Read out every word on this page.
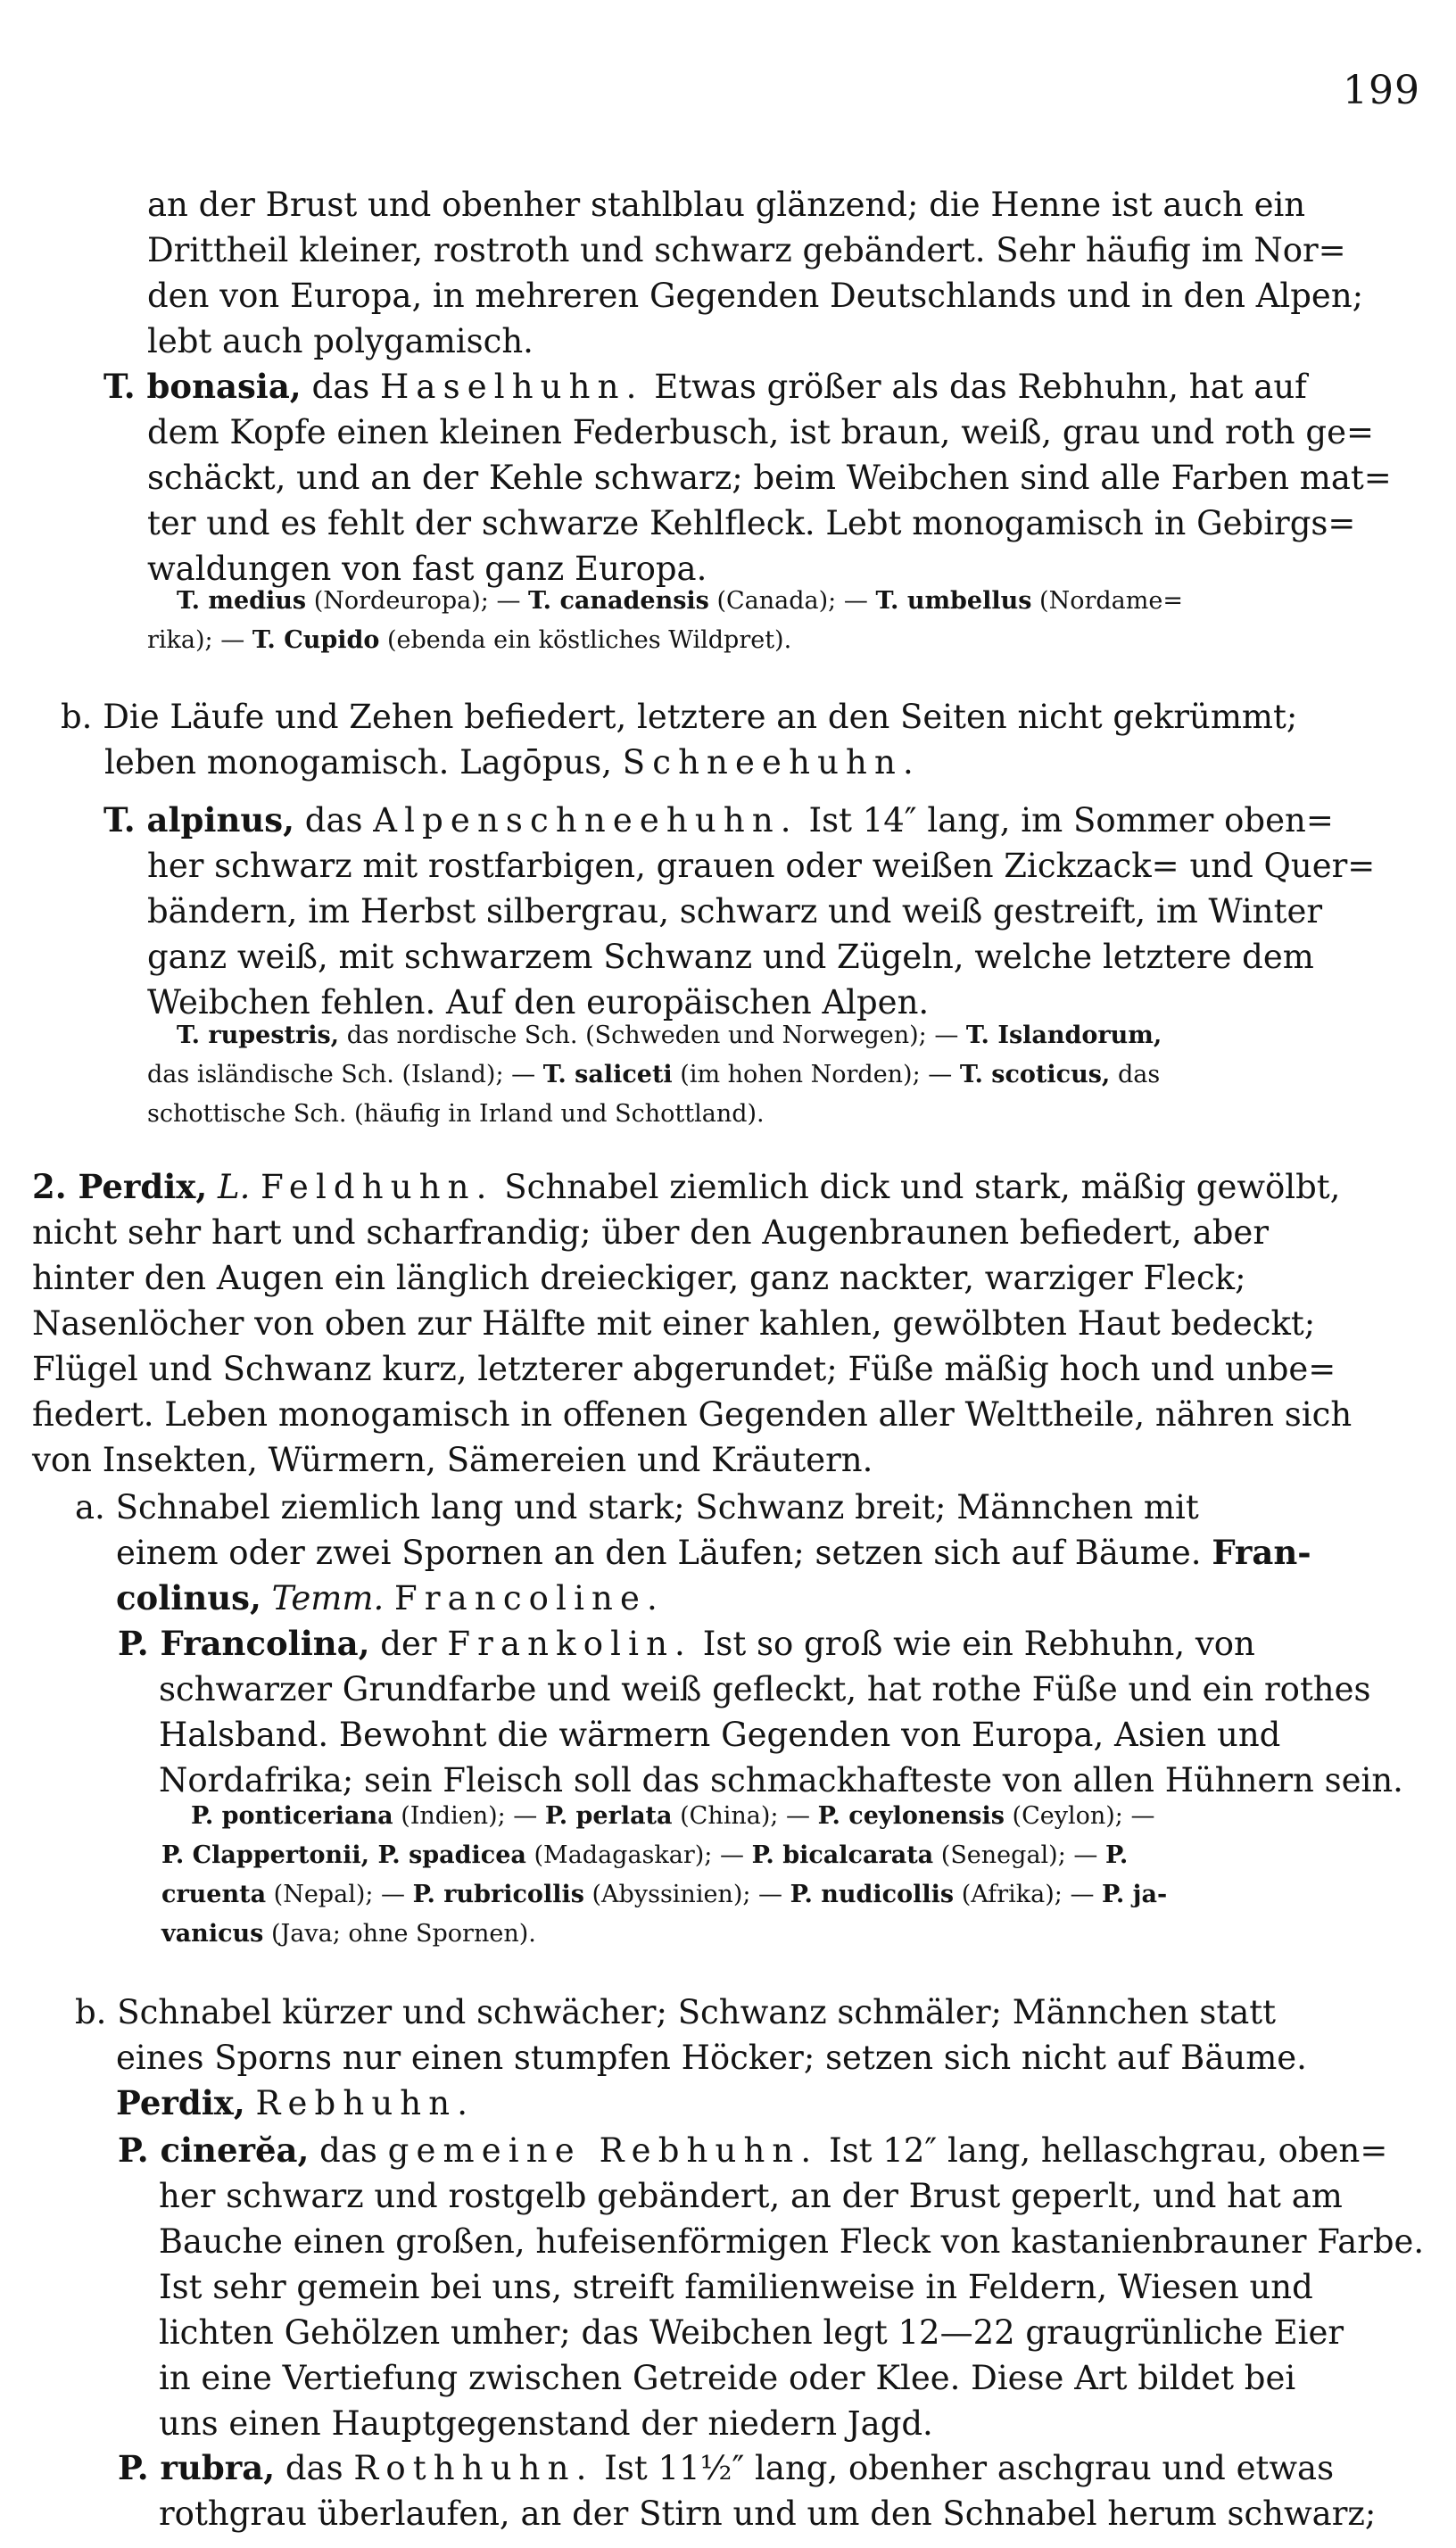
199
an der Brust und obenher stahlblau glänzend; die Henne ist auch ein
Drittheil kleiner, rostroth und schwarz gebändert. Sehr häufig im Nor=
den von Europa, in mehreren Gegenden Deutschlands und in den Alpen;
lebt auch polygamisch.
T. bonasia, das Haselhuhn. Etwas größer als das Rebhuhn, hat auf
dem Kopfe einen kleinen Federbusch, ist braun, weiß, grau und roth ge=
schäckt, und an der Kehle schwarz; beim Weibchen sind alle Farben mat=
ter und es fehlt der schwarze Kehlfleck. Lebt monogamisch in Gebirgs=
waldungen von fast ganz Europa.
T. medius (Nordeuropa); — T. canadensis (Canada); — T. umbellus (Nordame=
rika); — T. Cupido (ebenda ein köstliches Wildpret).
b. Die Läufe und Zehen befiedert, letztere an den Seiten nicht gekrümmt;
leben monogamisch. Lagōpus, Schneehuhn.
T. alpinus, das Alpenschneehuhn. Ist 14″ lang, im Sommer oben=
her schwarz mit rostfarbigen, grauen oder weißen Zickzack= und Quer=
bändern, im Herbst silbergrau, schwarz und weiß gestreift, im Winter
ganz weiß, mit schwarzem Schwanz und Zügeln, welche letztere dem
Weibchen fehlen. Auf den europäischen Alpen.
T. rupestris, das nordische Sch. (Schweden und Norwegen); — T. Islandorum,
das isländische Sch. (Island); — T. saliceti (im hohen Norden); — T. scoticus, das
schottische Sch. (häufig in Irland und Schottland).
2. Perdix, L. Feldhuhn. Schnabel ziemlich dick und stark, mäßig gewölbt,
nicht sehr hart und scharfrandig; über den Augenbraunen befiedert, aber
hinter den Augen ein länglich dreieckiger, ganz nackter, warziger Fleck;
Nasenlöcher von oben zur Hälfte mit einer kahlen, gewölbten Haut bedeckt;
Flügel und Schwanz kurz, letzterer abgerundet; Füße mäßig hoch und unbe=
fiedert. Leben monogamisch in offenen Gegenden aller Welttheile, nähren sich
von Insekten, Würmern, Sämereien und Kräutern.
a. Schnabel ziemlich lang und stark; Schwanz breit; Männchen mit
einem oder zwei Spornen an den Läufen; setzen sich auf Bäume. Fran-
colinus, Temm. Francoline.
P. Francolina, der Frankolin. Ist so groß wie ein Rebhuhn, von
schwarzer Grundfarbe und weiß gefleckt, hat rothe Füße und ein rothes
Halsband. Bewohnt die wärmern Gegenden von Europa, Asien und
Nordafrika; sein Fleisch soll das schmackhafteste von allen Hühnern sein.
P. ponticeriana (Indien); — P. perlata (China); — P. ceylonensis (Ceylon); —
P. Clappertonii, P. spadicea (Madagaskar); — P. bicalcarata (Senegal); — P.
cruenta (Nepal); — P. rubricollis (Abyssinien); — P. nudicollis (Afrika); — P. ja-
vanicus (Java; ohne Spornen).
b. Schnabel kürzer und schwächer; Schwanz schmäler; Männchen statt
eines Sporns nur einen stumpfen Höcker; setzen sich nicht auf Bäume.
Perdix, Rebhuhn.
P. cinerĕa, das gemeine Rebhuhn. Ist 12″ lang, hellaschgrau, oben=
her schwarz und rostgelb gebändert, an der Brust geperlt, und hat am
Bauche einen großen, hufeisenförmigen Fleck von kastanienbrauner Farbe.
Ist sehr gemein bei uns, streift familienweise in Feldern, Wiesen und
lichten Gehölzen umher; das Weibchen legt 12—22 graugrünliche Eier
in eine Vertiefung zwischen Getreide oder Klee. Diese Art bildet bei
uns einen Hauptgegenstand der niedern Jagd.
P. rubra, das Rothhuhn. Ist 11½″ lang, obenher aschgrau und etwas
rothgrau überlaufen, an der Stirn und um den Schnabel herum schwarz;
